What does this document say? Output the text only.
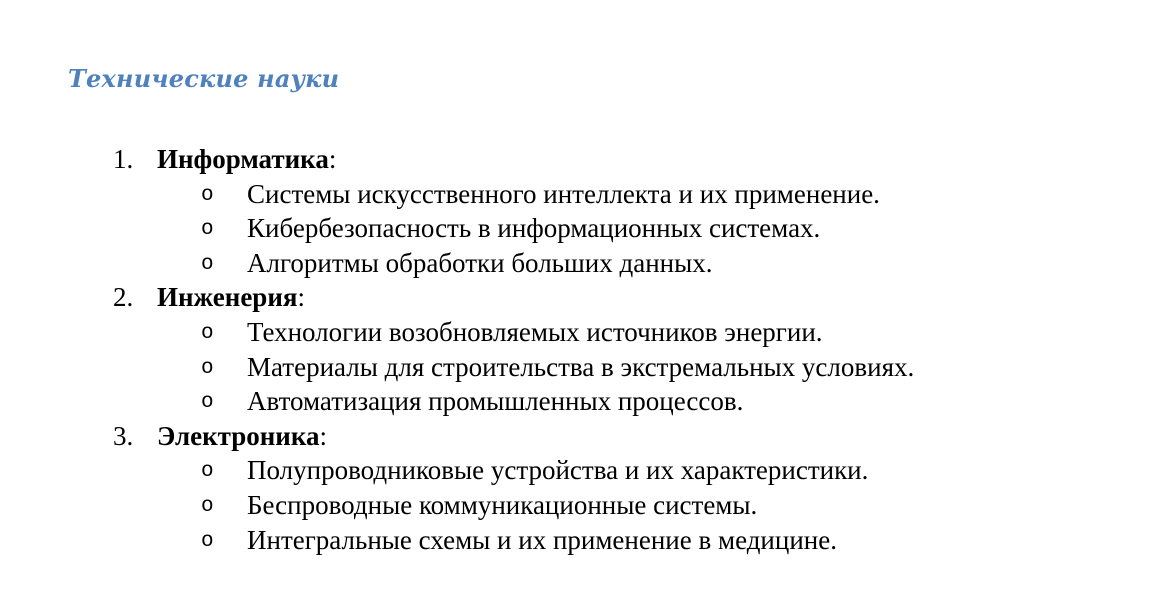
Технические науки
1. Информатика:
o Системы искусственного интеллекта и их применение.
o Кибербезопасность в информационных системах.
o Алгоритмы обработки больших данных.
2. Инженерия:
o Технологии возобновляемых источников энергии.
o Материалы для строительства в экстремальных условиях.
o Автоматизация промышленных процессов.
3. Электроника:
o Полупроводниковые устройства и их характеристики.
o Беспроводные коммуникационные системы.
o Интегральные схемы и их применение в медицине.
